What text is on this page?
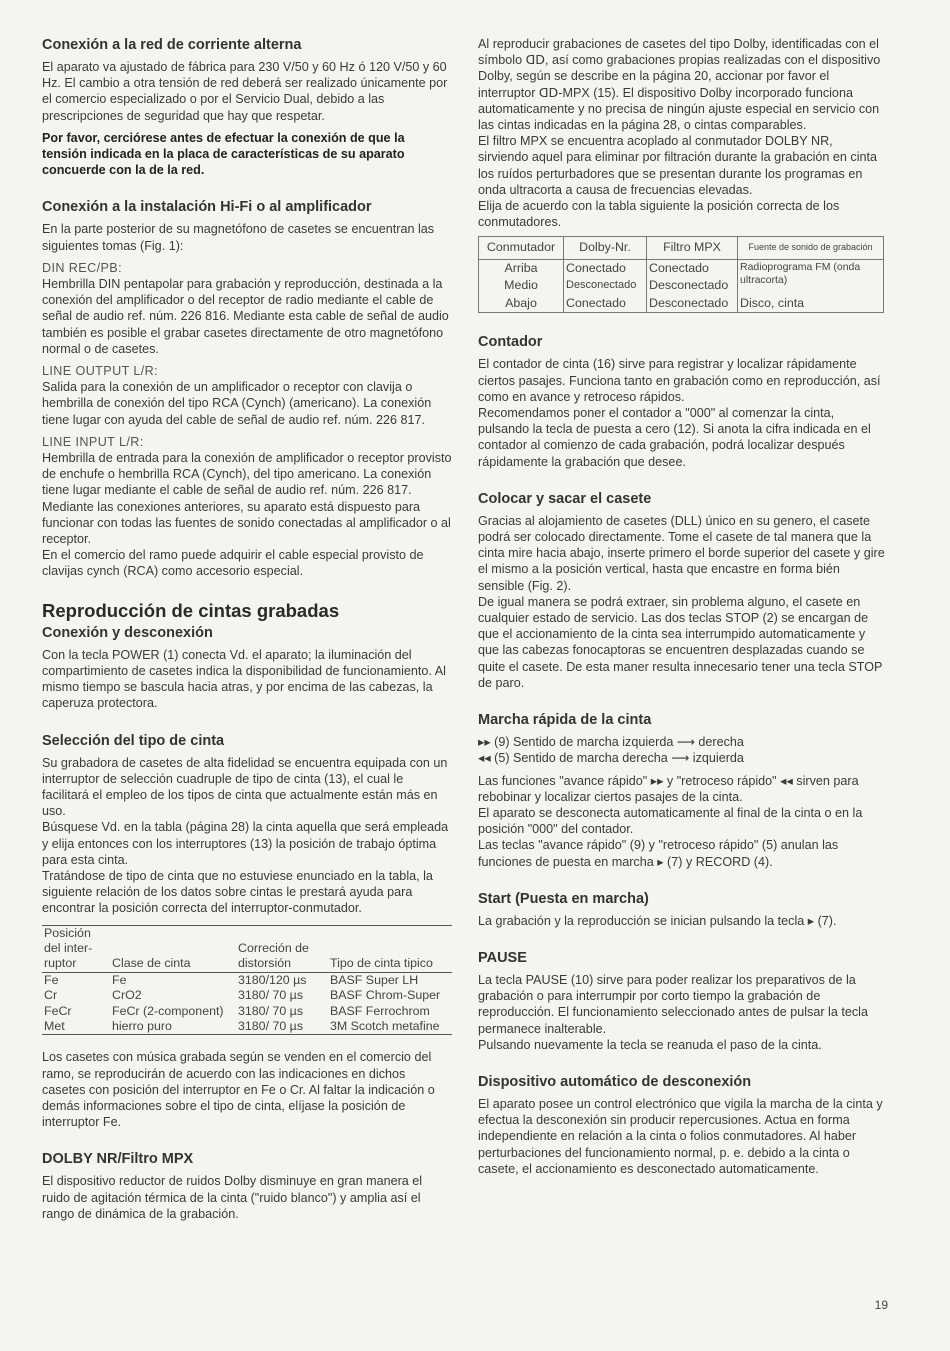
Conexión a la red de corriente alterna

El aparato va ajustado de fábrica para 230 V/50 y 60 Hz ó 120 V/50 y 60 Hz. El cambio a otra tensión de red deberá ser realizado únicamente por el comercio especializado o por el Servicio Dual, debido a las prescripciones de seguridad que hay que respetar.

Por favor, cerciórese antes de efectuar la conexión de que la tensión indicada en la placa de características de su aparato concuerde con la de la red.

Conexión a la instalación Hi-Fi o al amplificador

En la parte posterior de su magnetófono de casetes se encuentran las siguientes tomas (Fig. 1):

DIN REC/PB:

Hembrilla DIN pentapolar para grabación y reproducción, destinada a la conexión del amplificador o del receptor de radio mediante el cable de señal de audio ref. núm. 226 816. Mediante esta cable de señal de audio también es posible el grabar casetes directamente de otro magnetófono normal o de casetes.

LINE OUTPUT L/R:

Salida para la conexión de un amplificador o receptor con clavija o hembrilla de conexión del tipo RCA (Cynch) (americano). La conexión tiene lugar con ayuda del cable de señal de audio ref. núm. 226 817.

LINE INPUT L/R:

Hembrilla de entrada para la conexión de amplificador o receptor provisto de enchufe o hembrilla RCA (Cynch), del tipo americano. La conexión tiene lugar mediante el cable de señal de audio ref. núm. 226 817.

Mediante las conexiones anteriores, su aparato está dispuesto para funcionar con todas las fuentes de sonido conectadas al amplificador o al receptor.

En el comercio del ramo puede adquirir el cable especial provisto de clavijas cynch (RCA) como accesorio especial.

Reproducción de cintas grabadas
Conexión y desconexión

Con la tecla POWER (1) conecta Vd. el aparato; la iluminación del compartimiento de casetes indica la disponibilidad de funcionamiento. Al mismo tiempo se bascula hacia atras, y por encima de las cabezas, la caperuza protectora.

Selección del tipo de cinta

Su grabadora de casetes de alta fidelidad se encuentra equipada con un interruptor de selección cuadruple de tipo de cinta (13), el cual le facilitará el empleo de los tipos de cinta que actualmente están más en uso.

Búsquese Vd. en la tabla (página 28) la cinta aquella que será empleada y elija entonces con los interruptores (13) la posición de trabajo óptima para esta cinta.

Tratándose de tipo de cinta que no estuviese enunciado en la tabla, la siguiente relación de los datos sobre cintas le prestará ayuda para encontrar la posición correcta del interruptor-conmutador.

Posición del inter-ruptor	Clase de cinta	Correción de distorsión	Tipo de cinta tipico
Fe	Fe	3180/120 µs	BASF Super LH
Cr	CrO2	3180/ 70 µs	BASF Chrom-Super
FeCr	FeCr (2-component)	3180/ 70 µs	BASF Ferrochrom
Met	hierro puro	3180/ 70 µs	3M Scotch metafine

Los casetes con música grabada según se venden en el comercio del ramo, se reproducirán de acuerdo con las indicaciones en dichos casetes con posición del interruptor en Fe o Cr. Al faltar la indicación o demás informaciones sobre el tipo de cinta, elíjase la posición de interruptor Fe.

DOLBY NR/Filtro MPX

El dispositivo reductor de ruidos Dolby disminuye en gran manera el ruido de agitación térmica de la cinta ("ruido blanco") y amplia así el rango de dinámica de la grabación.

Al reproducir grabaciones de casetes del tipo Dolby, identificadas con el símbolo ᗡᗞ, así como grabaciones propias realizadas con el dispositivo Dolby, según se describe en la página 20, accionar por favor el interruptor ᗡᗞ-MPX (15). El dispositivo Dolby incorporado funciona automaticamente y no precisa de ningún ajuste especial en servicio con las cintas indicadas en la página 28, o cintas comparables.

El filtro MPX se encuentra acoplado al conmutador DOLBY NR, sirviendo aquel para eliminar por filtración durante la grabación en cinta los ruídos perturbadores que se presentan durante los programas en onda ultracorta a causa de frecuencias elevadas.

Elija de acuerdo con la tabla siguiente la posición correcta de los conmutadores.

Conmutador	Dolby-Nr.	Filtro MPX	Fuente de sonido de grabación
Arriba	Conectado	Conectado	Radioprograma FM (onda ultracorta)
Medio	Desconectado	Desconectado	
Abajo	Conectado	Desconectado	Disco, cinta
Contador

El contador de cinta (16) sirve para registrar y localizar rápidamente ciertos pasajes. Funciona tanto en grabación como en reproducción, así como en avance y retroceso rápidos.

Recomendamos poner el contador a "000" al comenzar la cinta, pulsando la tecla de puesta a cero (12). Si anota la cifra indicada en el contador al comienzo de cada grabación, podrá localizar después rápidamente la grabación que desee.

Colocar y sacar el casete

Gracias al alojamiento de casetes (DLL) único en su genero, el casete podrá ser colocado directamente. Tome el casete de tal manera que la cinta mire hacia abajo, inserte primero el borde superior del casete y gire el mismo a la posición vertical, hasta que encastre en forma bién sensible (Fig. 2).

De igual manera se podrá extraer, sin problema alguno, el casete en cualquier estado de servicio. Las dos teclas STOP (2) se encargan de que el accionamiento de la cinta sea interrumpido automaticamente y que las cabezas fonocaptoras se encuentren desplazadas cuando se quite el casete. De esta maner resulta innecesario tener una tecla STOP de paro.

Marcha rápida de la cinta

▸▸ (9) Sentido de marcha izquierda ⟶ derecha

◂◂ (5) Sentido de marcha derecha ⟶ izquierda

Las funciones "avance rápido" ▸▸ y "retroceso rápido" ◂◂ sirven para rebobinar y localizar ciertos pasajes de la cinta.

El aparato se desconecta automaticamente al final de la cinta o en la posición "000" del contador.

Las teclas "avance rápido" (9) y "retroceso rápido" (5) anulan las funciones de puesta en marcha ▸ (7) y RECORD (4).

Start (Puesta en marcha)

La grabación y la reproducción se inician pulsando la tecla ▸ (7).

PAUSE

La tecla PAUSE (10) sirve para poder realizar los preparativos de la grabación o para interrumpir por corto tiempo la grabación de reproducción. El funcionamiento seleccionado antes de pulsar la tecla permanece inalterable.

Pulsando nuevamente la tecla se reanuda el paso de la cinta.

Dispositivo automático de desconexión

El aparato posee un control electrónico que vigila la marcha de la cinta y efectua la desconexión sin producir repercusiones. Actua en forma independiente en relación a la cinta o folios conmutadores. Al haber perturbaciones del funcionamiento normal, p. e. debido a la cinta o casete, el accionamiento es desconectado automaticamente.

19
